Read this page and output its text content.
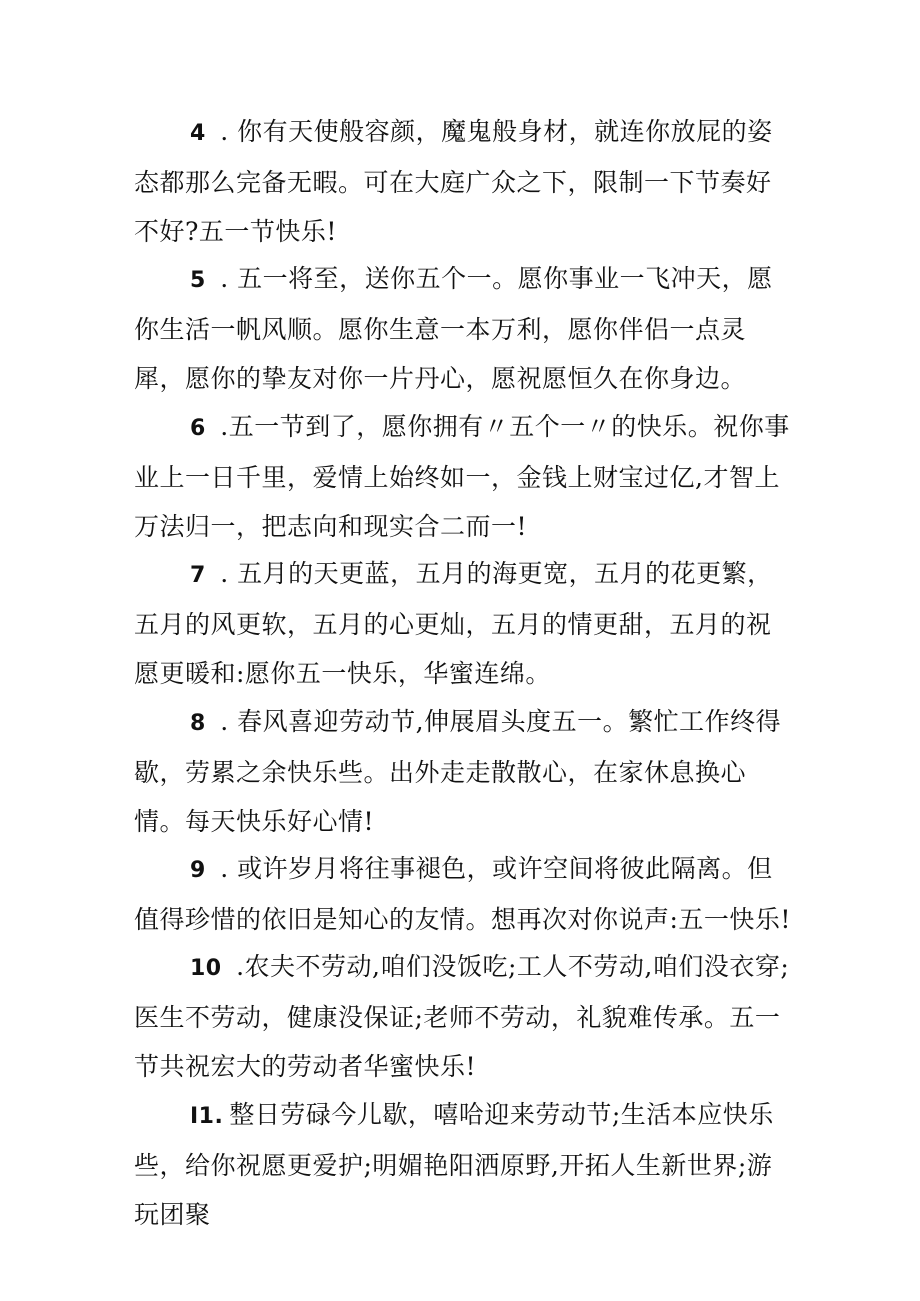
4 . 你有天使般容颜，魔鬼般身材，就连你放屁的姿态都那么完备无暇。可在大庭广众之下，限制一下节奏好不好?五一节快乐!

5 . 五一将至，送你五个一。愿你事业一飞冲天，愿你生活一帆风顺。愿你生意一本万利，愿你伴侣一点灵犀，愿你的挚友对你一片丹心，愿祝愿恒久在你身边。

6 .五一节到了，愿你拥有〃五个一〃的快乐。祝你事业上一日千里，爱情上始终如一，金钱上财宝过亿,才智上万法归一，把志向和现实合二而一!

7 . 五月的天更蓝，五月的海更宽，五月的花更繁，五月的风更软，五月的心更灿，五月的情更甜，五月的祝愿更暖和:愿你五一快乐，华蜜连绵。

8 . 春风喜迎劳动节,伸展眉头度五一。繁忙工作终得歇，劳累之余快乐些。出外走走散散心，在家休息换心情。每天快乐好心情!

9 . 或许岁月将往事褪色，或许空间将彼此隔离。但值得珍惜的依旧是知心的友情。想再次对你说声:五一快乐!

10 .农夫不劳动,咱们没饭吃;工人不劳动,咱们没衣穿;医生不劳动，健康没保证;老师不劳动，礼貌难传承。五一节共祝宏大的劳动者华蜜快乐!

I1. 整日劳碌今儿歇，嘻哈迎来劳动节;生活本应快乐些，给你祝愿更爱护;明媚艳阳洒原野,开拓人生新世界;游玩团聚
